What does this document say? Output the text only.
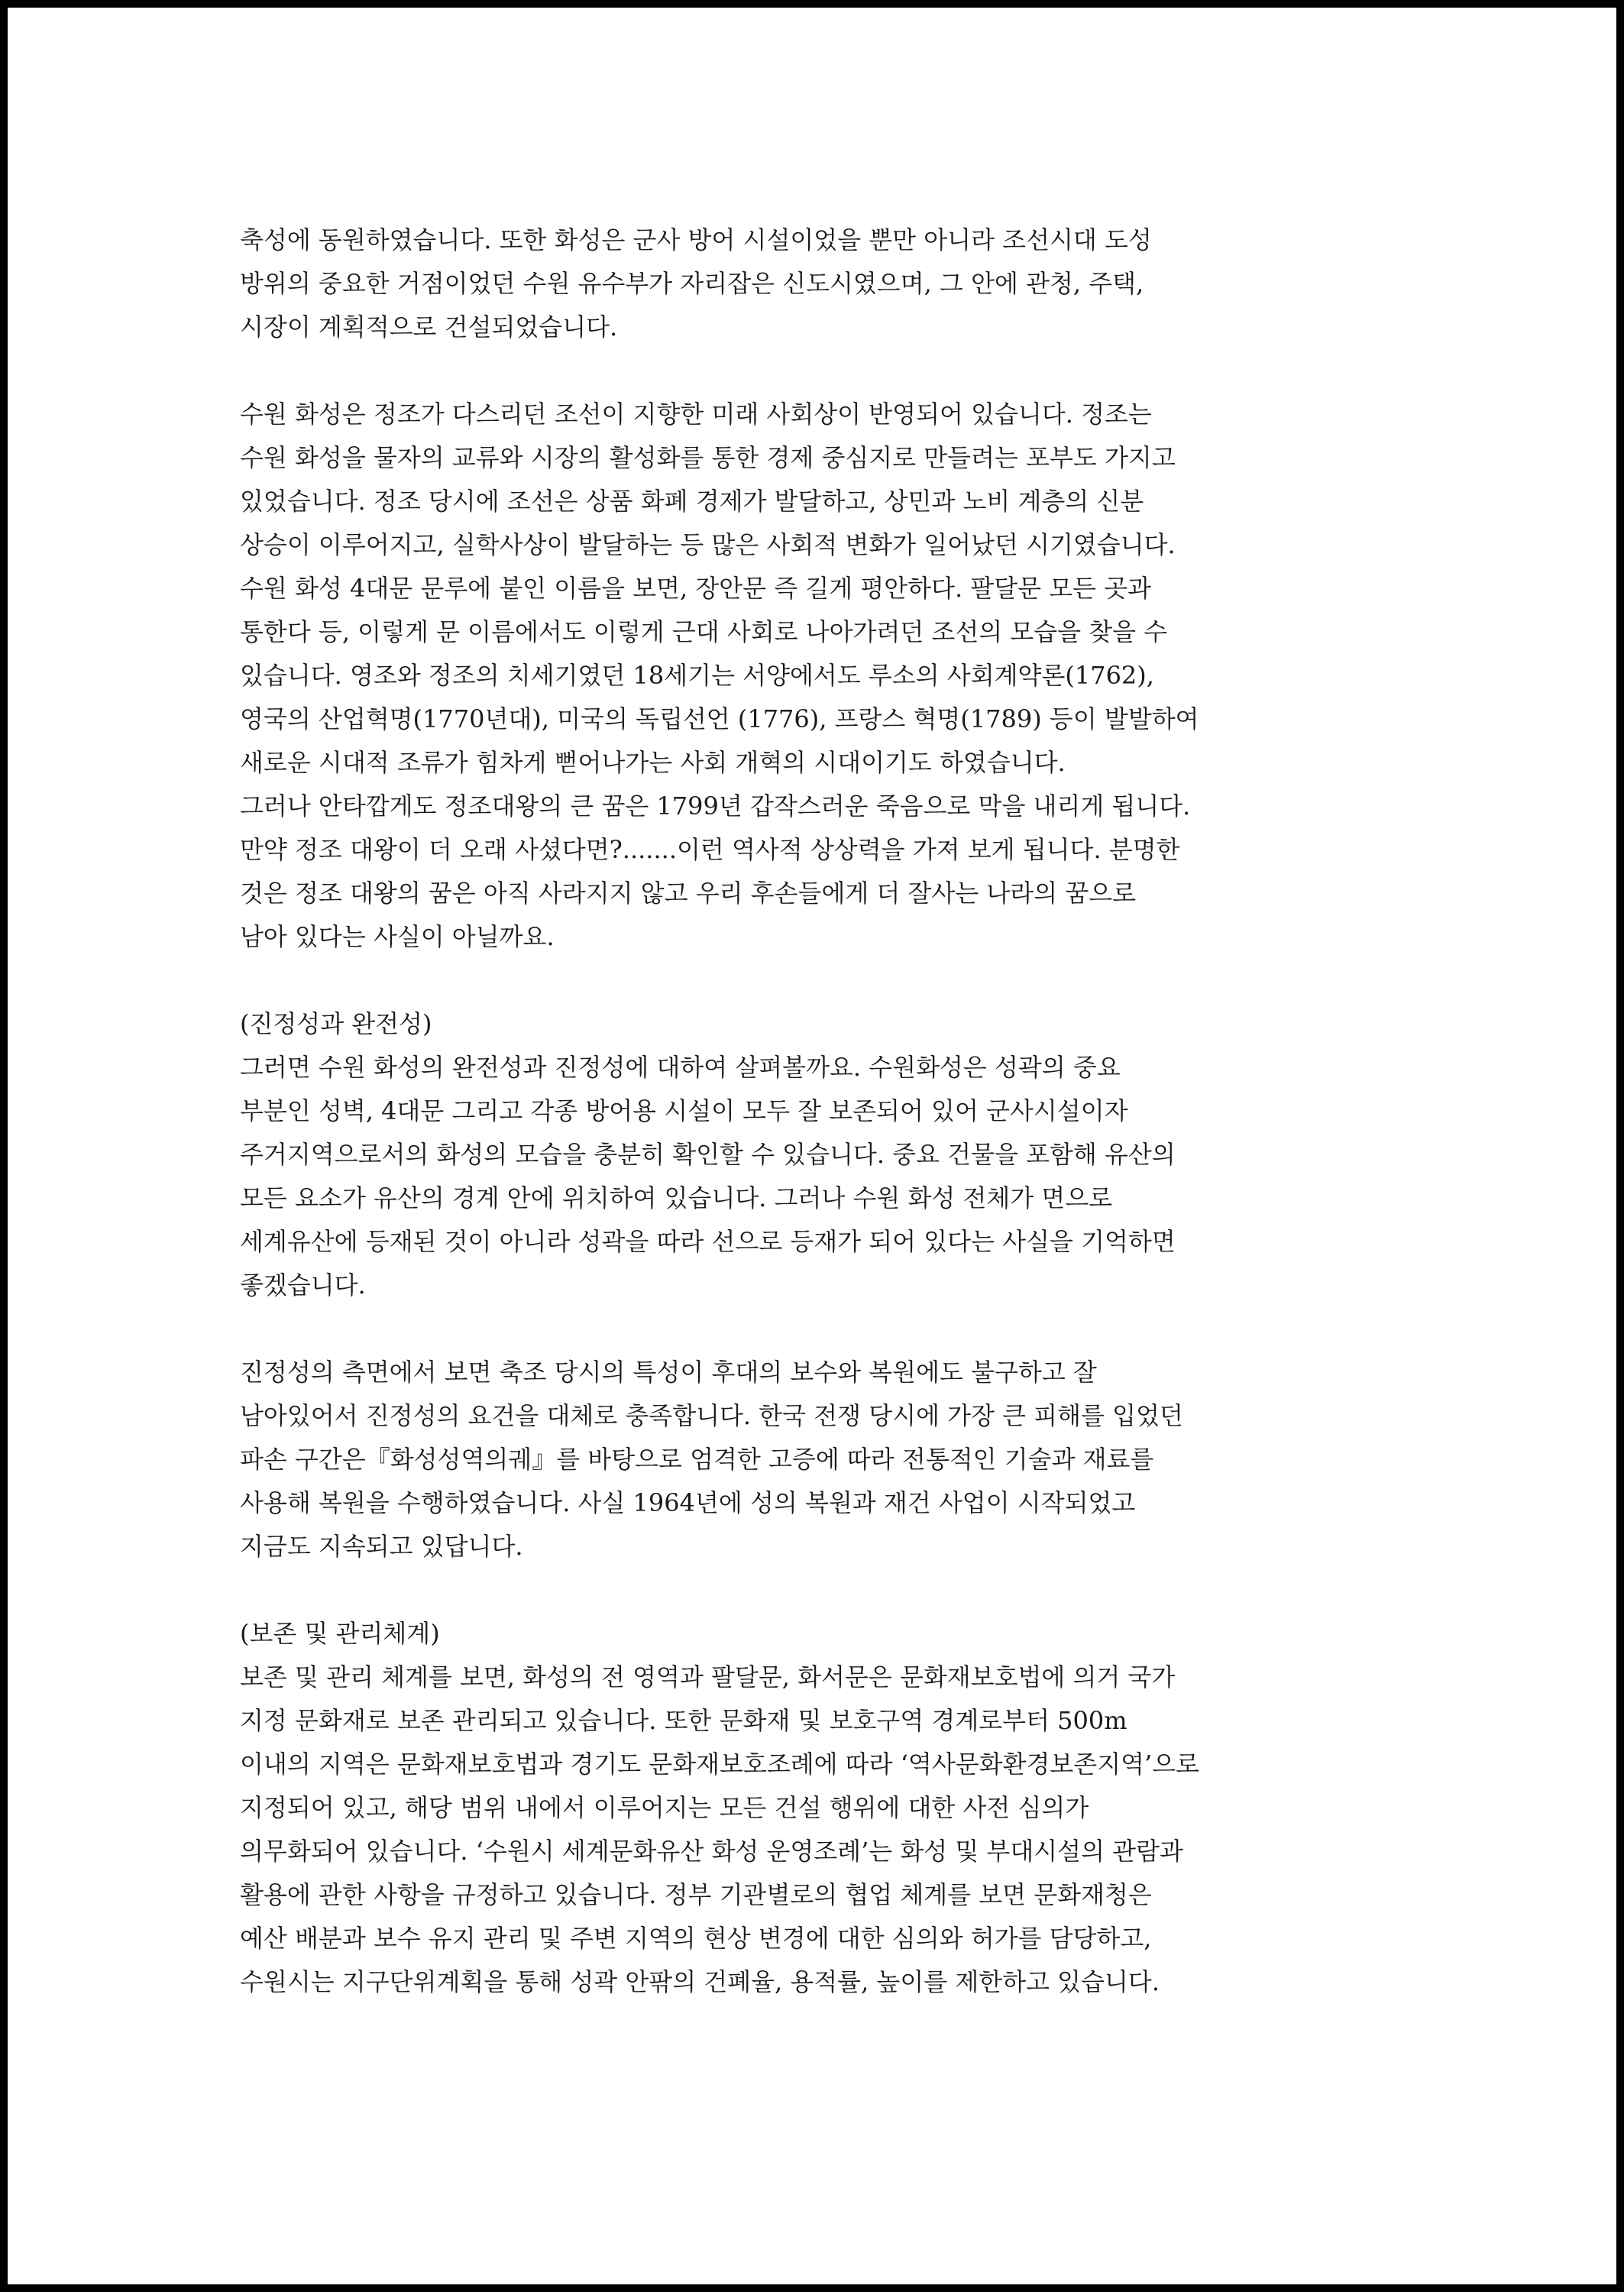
축성에 동원하였습니다. 또한 화성은 군사 방어 시설이었을 뿐만 아니라 조선시대 도성
방위의 중요한 거점이었던 수원 유수부가 자리잡은 신도시였으며, 그 안에 관청, 주택,
시장이 계획적으로 건설되었습니다.
수원 화성은 정조가 다스리던 조선이 지향한 미래 사회상이 반영되어 있습니다. 정조는
수원 화성을 물자의 교류와 시장의 활성화를 통한 경제 중심지로 만들려는 포부도 가지고
있었습니다. 정조 당시에 조선은 상품 화폐 경제가 발달하고, 상민과 노비 계층의 신분
상승이 이루어지고, 실학사상이 발달하는 등 많은 사회적 변화가 일어났던 시기였습니다.
수원 화성 4대문 문루에 붙인 이름을 보면, 장안문 즉 길게 평안하다. 팔달문 모든 곳과
통한다 등, 이렇게 문 이름에서도 이렇게 근대 사회로 나아가려던 조선의 모습을 찾을 수
있습니다. 영조와 정조의 치세기였던 18세기는 서양에서도 루소의 사회계약론(1762),
영국의 산업혁명(1770년대), 미국의 독립선언 (1776), 프랑스 혁명(1789) 등이 발발하여
새로운 시대적 조류가 힘차게 뻗어나가는 사회 개혁의 시대이기도 하였습니다.
그러나 안타깝게도 정조대왕의 큰 꿈은 1799년 갑작스러운 죽음으로 막을 내리게 됩니다.
만약 정조 대왕이 더 오래 사셨다면?.......이런 역사적 상상력을 가져 보게 됩니다. 분명한
것은 정조 대왕의 꿈은 아직 사라지지 않고 우리 후손들에게 더 잘사는 나라의 꿈으로
남아 있다는 사실이 아닐까요.
(진정성과 완전성)
그러면 수원 화성의 완전성과 진정성에 대하여 살펴볼까요. 수원화성은 성곽의 중요
부분인 성벽, 4대문 그리고 각종 방어용 시설이 모두 잘 보존되어 있어 군사시설이자
주거지역으로서의 화성의 모습을 충분히 확인할 수 있습니다. 중요 건물을 포함해 유산의
모든 요소가 유산의 경계 안에 위치하여 있습니다. 그러나 수원 화성 전체가 면으로
세계유산에 등재된 것이 아니라 성곽을 따라 선으로 등재가 되어 있다는 사실을 기억하면
좋겠습니다.
진정성의 측면에서 보면 축조 당시의 특성이 후대의 보수와 복원에도 불구하고 잘
남아있어서 진정성의 요건을 대체로 충족합니다. 한국 전쟁 당시에 가장 큰 피해를 입었던
파손 구간은『화성성역의궤』를 바탕으로 엄격한 고증에 따라 전통적인 기술과 재료를
사용해 복원을 수행하였습니다. 사실 1964년에 성의 복원과 재건 사업이 시작되었고
지금도 지속되고 있답니다.
(보존 및 관리체계)
보존 및 관리 체계를 보면, 화성의 전 영역과 팔달문, 화서문은 문화재보호법에 의거 국가
지정 문화재로 보존 관리되고 있습니다. 또한 문화재 및 보호구역 경계로부터 500m
이내의 지역은 문화재보호법과 경기도 문화재보호조례에 따라 ‘역사문화환경보존지역’으로
지정되어 있고, 해당 범위 내에서 이루어지는 모든 건설 행위에 대한 사전 심의가
의무화되어 있습니다. ‘수원시 세계문화유산 화성 운영조례’는 화성 및 부대시설의 관람과
활용에 관한 사항을 규정하고 있습니다. 정부 기관별로의 협업 체계를 보면 문화재청은
예산 배분과 보수 유지 관리 및 주변 지역의 현상 변경에 대한 심의와 허가를 담당하고,
수원시는 지구단위계획을 통해 성곽 안팎의 건폐율, 용적률, 높이를 제한하고 있습니다.
